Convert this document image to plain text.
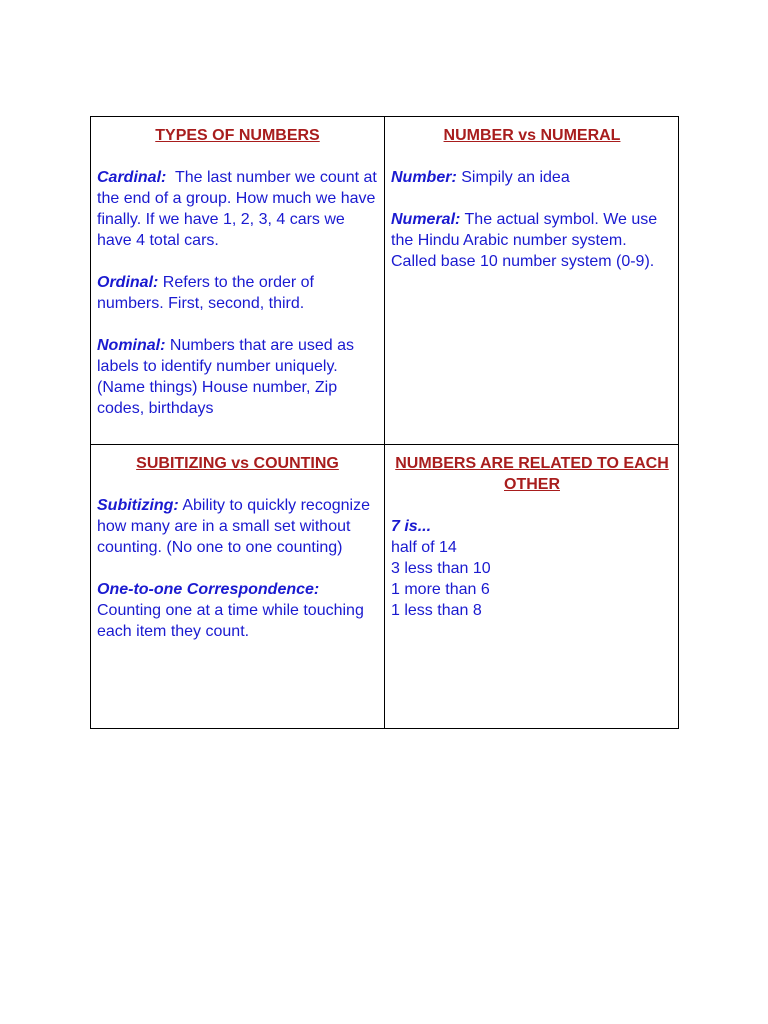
TYPES OF NUMBERS

Cardinal:  The last number we count at the end of a group. How much we have finally. If we have 1, 2, 3, 4 cars we have 4 total cars.

Ordinal: Refers to the order of numbers. First, second, third.

Nominal: Numbers that are used as labels to identify number uniquely. (Name things) House number, Zip codes, birthdays

NUMBER vs NUMERAL

Number: Simpily an idea

Numeral: The actual symbol. We use the Hindu Arabic number system. Called base 10 number system (0-9).

SUBITIZING vs COUNTING

Subitizing: Ability to quickly recognize how many are in a small set without counting. (No one to one counting)

One-to-one Correspondence:
Counting one at a time while touching each item they count.

NUMBERS ARE RELATED TO EACH OTHER

7 is...

half of 14

3 less than 10

1 more than 6

1 less than 8
